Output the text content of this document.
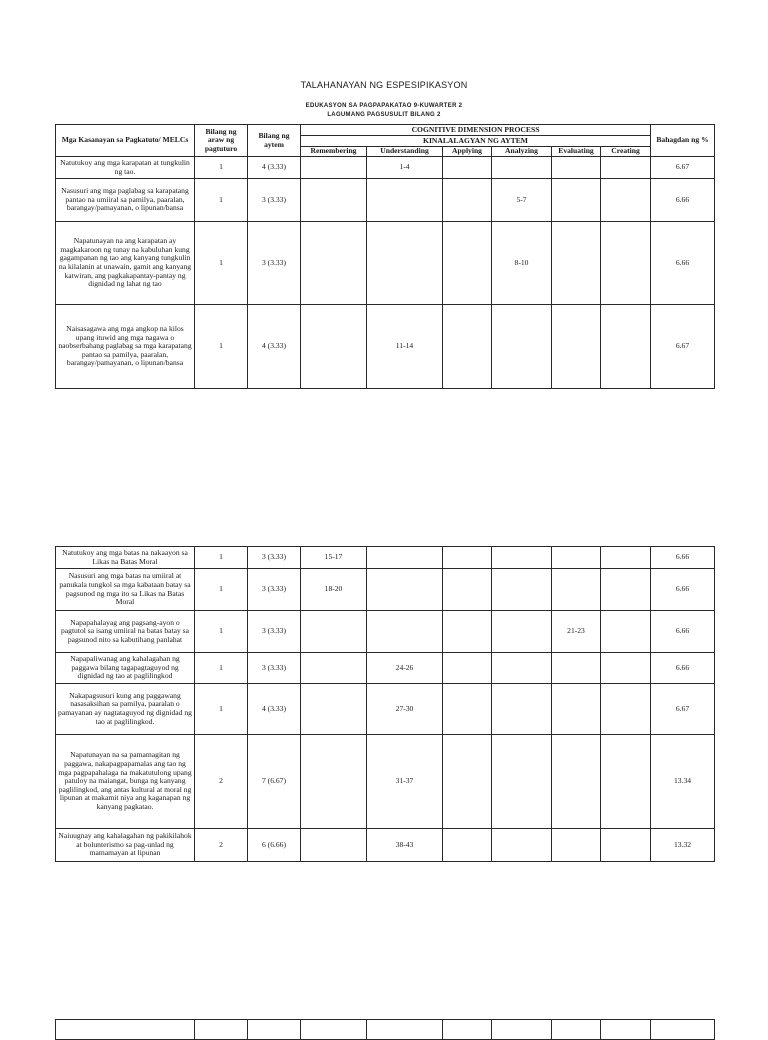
TALAHANAYAN NG ESPESIPIKASYON
EDUKASYON SA PAGPAPAKATAO 9-KUWARTER 2
LAGUMANG PAGSUSULIT BILANG 2
Mga Kasanayan sa Pagkatuto/ MELCs	Bilang ng araw ng pagtuturo	Bilang ng aytem	COGNITIVE DIMENSION PROCESS						Bahagdan ng %
			KINALALAGYAN NG AYTEM						
			Remembering	Understanding	Applying	Analyzing	Evaluating	Creating	
Natutukoy ang mga karapatan at tungkulin ng tao.	1	4 (3.33)		1-4					6.67
Nasusuri ang mga paglabag sa karapatang pantao na umiiral sa pamilya, paaralan, barangay/pamayanan, o lipunan/bansa	1	3 (3.33)				5-7			6.66
Napatunayan na ang karapatan ay magkakaroon ng tunay na kabuluhan kung gagampanan ng tao ang kanyang tungkulin na kilalanin at unawain, gamit ang kanyang katwiran, ang pagkakapantay-pantay ng dignidad ng lahat ng tao	1	3 (3.33)				8-10			6.66
Naisasagawa ang mga angkop na kilos upang ituwid ang mga nagawa o naobserbahang paglabag sa mga karapatang pantao sa pamilya, paaralan, barangay/pamayanan, o lipunan/bansa	1	4 (3.33)		11-14					6.67
Natutukoy ang mga batas na nakaayon sa Likas na Batas Moral	1	3 (3.33)	15-17						6.66
Nasusuri ang mga batas na umiiral at panukala tungkol sa mga kabataan batay sa pagsunod ng mga ito sa Likas na Batas Moral	1	3 (3.33)	18-20						6.66
Napapahalayag ang pagsang-ayon o pagtutol sa isang umiiral na batas batay sa pagsunod nito sa kabutihang panlahat	1	3 (3.33)					21-23		6.66
Napapaliwanag ang kahalagahan ng paggawa bilang tagapagtaguyod ng dignidad ng tao at paglilingkod	1	3 (3.33)		24-26					6.66
Nakapagsusuri kung ang paggawang nasasaksihan sa pamilya, paaralan o pamayanan ay nagtataguyod ng dignidad ng tao at paglilingkod.	1	4 (3.33)		27-30					6.67
Napatunayan na sa pamamagitan ng paggawa, nakapagpapamalas ang tao ng mga pagpapahalaga na makatutulong upang patuloy na maiangat, bunga ng kanyang paglilingkod, ang antas kultural at moral ng lipunan at makamit niya ang kaganapan ng kanyang pagkatao.	2	7 (6.67)		31-37					13.34
Naiuugnay ang kahalagahan ng pakikilahok at bolunterismo sa pag-unlad ng mamamayan at lipunan	2	6 (6.66)		38-43					13.32
